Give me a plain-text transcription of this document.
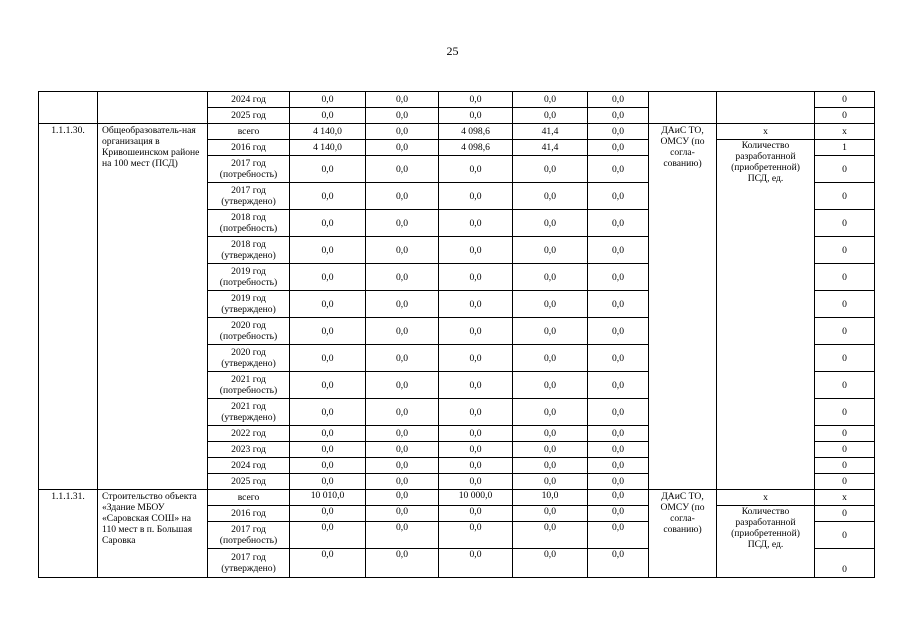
25
		2024 год	0,0	0,0	0,0	0,0	0,0			0
		2025 год	0,0	0,0	0,0	0,0	0,0			0
1.1.1.30.	Общеобразователь-ная организация в Кривошеинском районе на 100 мест (ПСД)	всего	4 140,0	0,0	4 098,6	41,4	0,0	ДАиС ТО, ОМСУ (по согла-сованию)	x	x
		2016 год	4 140,0	0,0	4 098,6	41,4	0,0		Количество разработанной (приобретенной) ПСД, ед.	1
		2017 год (потребность)	0,0	0,0	0,0	0,0	0,0			0
		2017 год (утверждено)	0,0	0,0	0,0	0,0	0,0			0
		2018 год (потребность)	0,0	0,0	0,0	0,0	0,0			0
		2018 год (утверждено)	0,0	0,0	0,0	0,0	0,0			0
		2019 год (потребность)	0,0	0,0	0,0	0,0	0,0			0
		2019 год (утверждено)	0,0	0,0	0,0	0,0	0,0			0
		2020 год (потребность)	0,0	0,0	0,0	0,0	0,0			0
		2020 год (утверждено)	0,0	0,0	0,0	0,0	0,0			0
		2021 год (потребность)	0,0	0,0	0,0	0,0	0,0			0
		2021 год (утверждено)	0,0	0,0	0,0	0,0	0,0			0
		2022 год	0,0	0,0	0,0	0,0	0,0			0
		2023 год	0,0	0,0	0,0	0,0	0,0			0
		2024 год	0,0	0,0	0,0	0,0	0,0			0
		2025 год	0,0	0,0	0,0	0,0	0,0			0
1.1.1.31.	Строительство объекта «Здание МБОУ «Саровская СОШ» на 110 мест в п. Большая Саровка	всего	10 010,0	0,0	10 000,0	10,0	0,0	ДАиС ТО, ОМСУ (по согла-сованию)	x	x
		2016 год	0,0	0,0	0,0	0,0	0,0		Количество разработанной (приобретенной) ПСД, ед.	0
		2017 год (потребность)	0,0	0,0	0,0	0,0	0,0			0
		2017 год (утверждено)	0,0	0,0	0,0	0,0	0,0			0
